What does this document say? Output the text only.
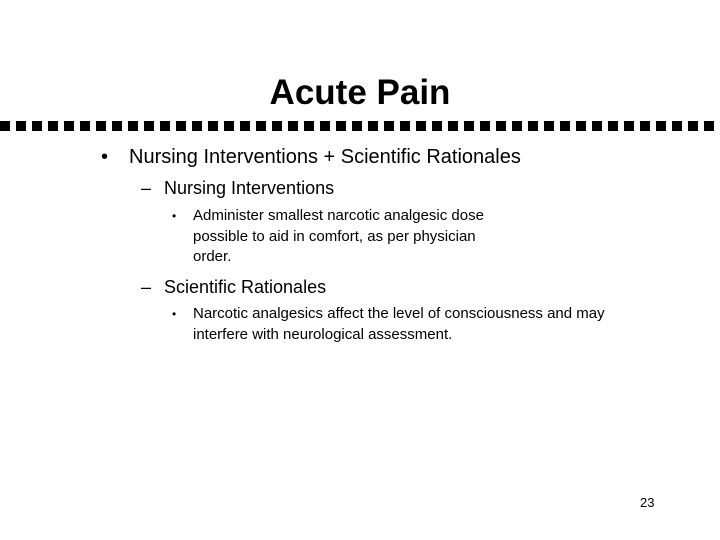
Acute Pain
• Nursing Interventions + Scientific Rationales
– Nursing Interventions
• Administer smallest narcotic analgesic dose possible to aid in comfort, as per physician order.
– Scientific Rationales
• Narcotic analgesics affect the level of consciousness and may interfere with neurological assessment.
23
